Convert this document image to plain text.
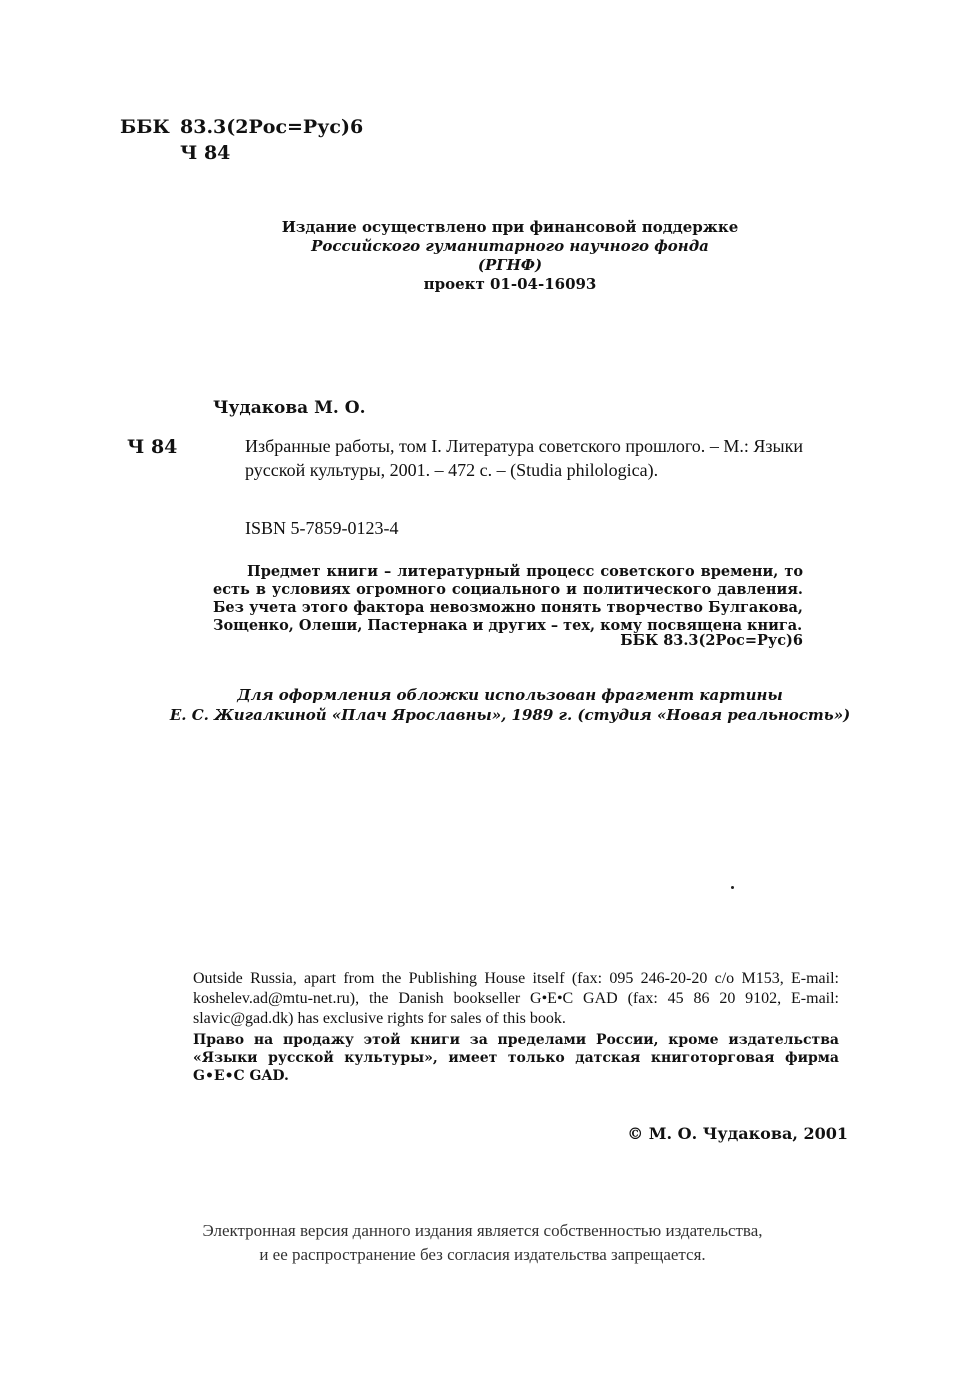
ББК 83.3(2Рос=Рус)6
Ч 84
Издание осуществлено при финансовой поддержке
Российского гуманитарного научного фонда
(РГНФ)
проект 01-04-16093
Чудакова М. О.
Ч 84	Избранные работы, том I. Литература советского прошлого. – М.: Языки русской культуры, 2001. – 472 с. – (Studia philologica).
ISBN 5-7859-0123-4
Предмет книги – литературный процесс советского времени, то есть в условиях огромного социального и политического давления. Без учета этого фактора невозможно понять творчество Булгакова, Зощенко, Олеши, Пастернака и других – тех, кому посвящена книга.
ББК 83.3(2Рос=Рус)6
Для оформления обложки использован фрагмент картины
Е. С. Жигалкиной «Плач Ярославны», 1989 г. (студия «Новая реальность»)
Outside Russia, apart from the Publishing House itself (fax: 095 246-20-20 c/o M153, E-mail: koshelev.ad@mtu-net.ru), the Danish bookseller G•E•C GAD (fax: 45 86 20 9102, E-mail: slavic@gad.dk) has exclusive rights for sales of this book.
Право на продажу этой книги за пределами России, кроме издательства «Языки русской культуры», имеет только датская книготорговая фирма G•E•C GAD.
© М. О. Чудакова, 2001
Электронная версия данного издания является собственностью издательства,
и ее распространение без согласия издательства запрещается.
